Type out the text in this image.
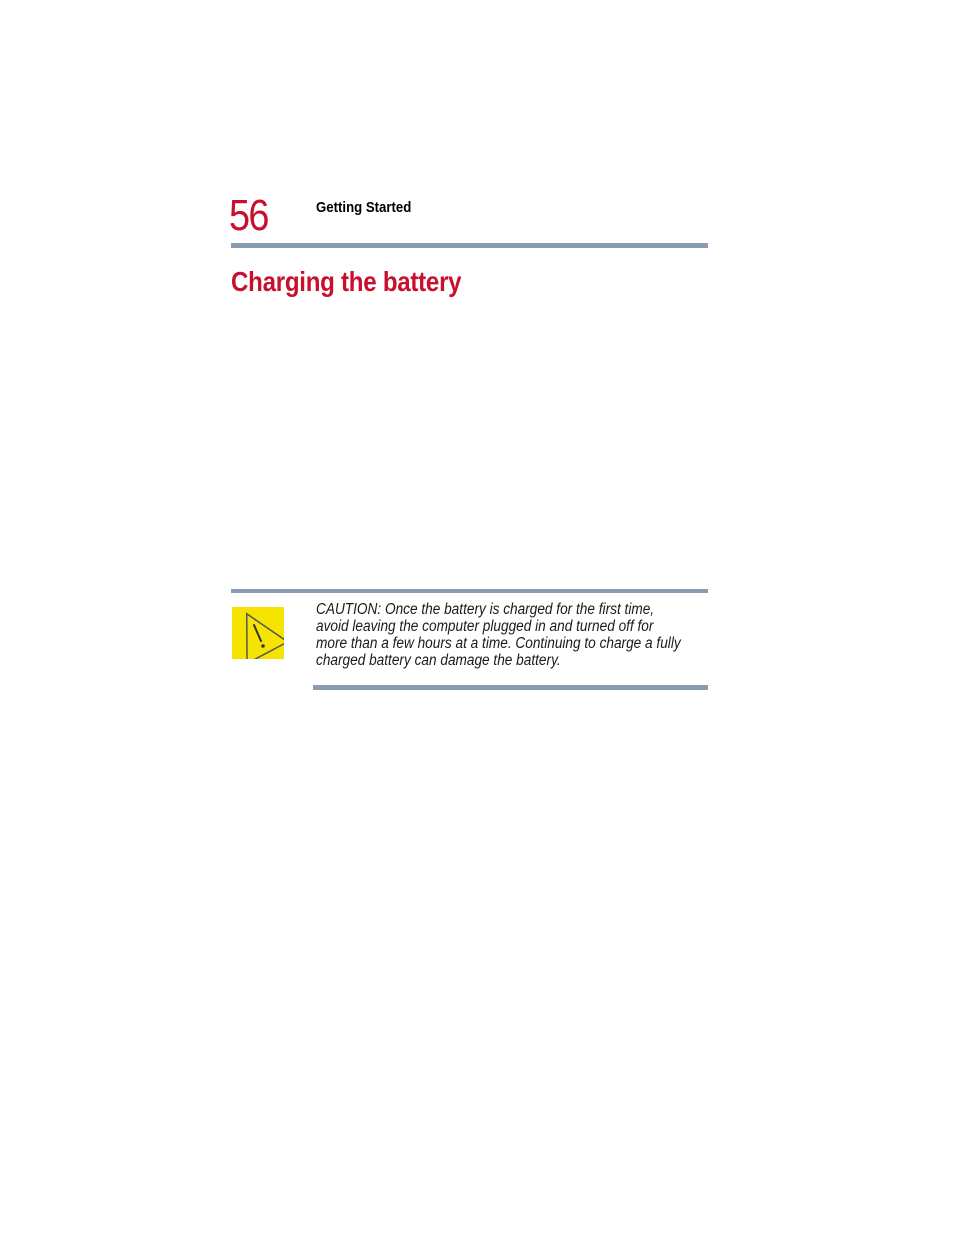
56	Getting Started
Charging the battery
CAUTION: Once the battery is charged for the first time,
avoid leaving the computer plugged in and turned off for
more than a few hours at a time. Continuing to charge a fully
charged battery can damage the battery.
